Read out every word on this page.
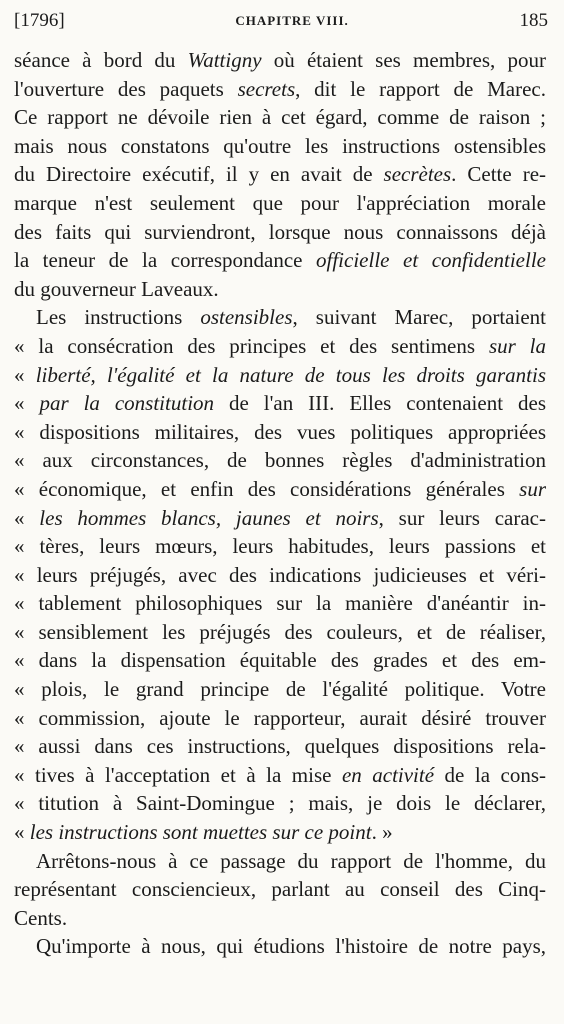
[1796]	CHAPITRE VIII.	185
séance à bord du Wattigny où étaient ses membres, pour
l'ouverture des paquets secrets, dit le rapport de Marec.
Ce rapport ne dévoile rien à cet égard, comme de raison ;
mais nous constatons qu'outre les instructions ostensibles
du Directoire exécutif, il y en avait de secrètes. Cette re-
marque n'est seulement que pour l'appréciation morale
des faits qui surviendront, lorsque nous connaissons déjà
la teneur de la correspondance officielle et confidentielle
du gouverneur Laveaux.
Les instructions ostensibles, suivant Marec, portaient
« la consécration des principes et des sentimens sur la
« liberté, l'égalité et la nature de tous les droits garantis
« par la constitution de l'an III. Elles contenaient des
« dispositions militaires, des vues politiques appropriées
« aux circonstances, de bonnes règles d'administration
« économique, et enfin des considérations générales sur
« les hommes blancs, jaunes et noirs, sur leurs carac-
« tères, leurs mœurs, leurs habitudes, leurs passions et
« leurs préjugés, avec des indications judicieuses et véri-
« tablement philosophiques sur la manière d'anéantir in-
« sensiblement les préjugés des couleurs, et de réaliser,
« dans la dispensation équitable des grades et des em-
« plois, le grand principe de l'égalité politique. Votre
« commission, ajoute le rapporteur, aurait désiré trouver
« aussi dans ces instructions, quelques dispositions rela-
« tives à l'acceptation et à la mise en activité de la cons-
« titution à Saint-Domingue ; mais, je dois le déclarer,
« les instructions sont muettes sur ce point. »
Arrêtons-nous à ce passage du rapport de l'homme, du
représentant consciencieux, parlant au conseil des Cinq-
Cents.
Qu'importe à nous, qui étudions l'histoire de notre pays,
